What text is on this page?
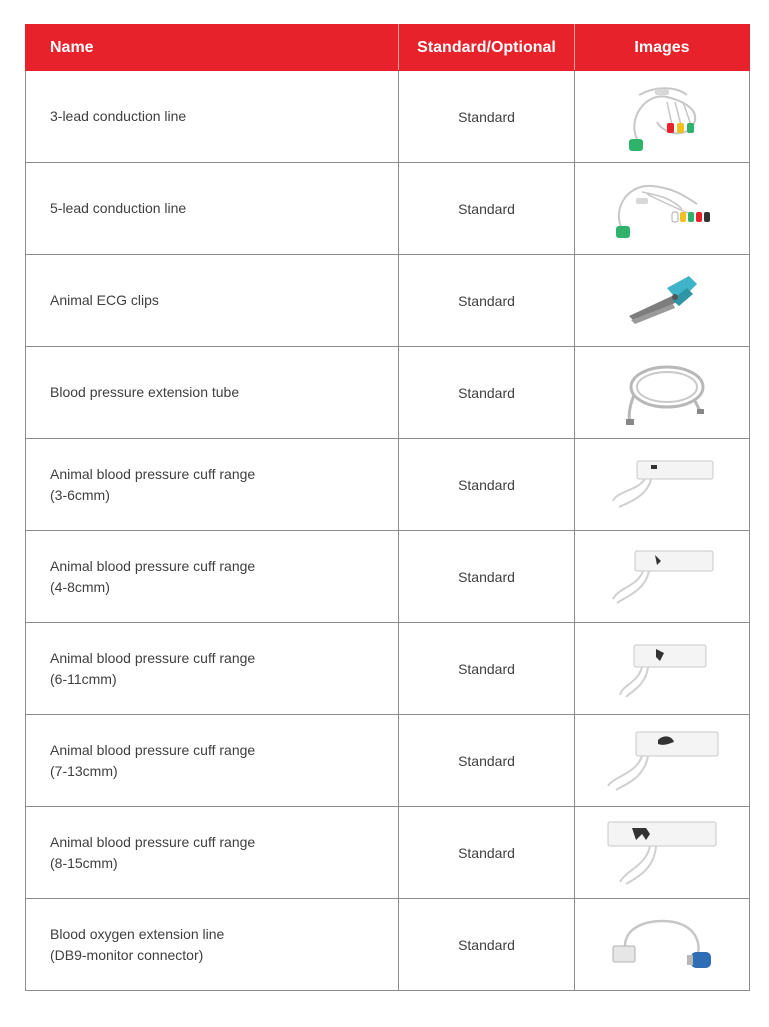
Name	Standard/Optional	Images

3-lead conduction line	Standard	

5-lead conduction line	Standard	

Animal ECG clips	Standard	

Blood pressure extension tube	Standard	

Animal blood pressure cuff range
(3-6cmm)	Standard	

Animal blood pressure cuff range
(4-8cmm)	Standard	

Animal blood pressure cuff range
(6-11cmm)	Standard	

Animal blood pressure cuff range
(7-13cmm)	Standard	

Animal blood pressure cuff range
(8-15cmm)	Standard	

Blood oxygen extension line
(DB9-monitor connector)	Standard	
